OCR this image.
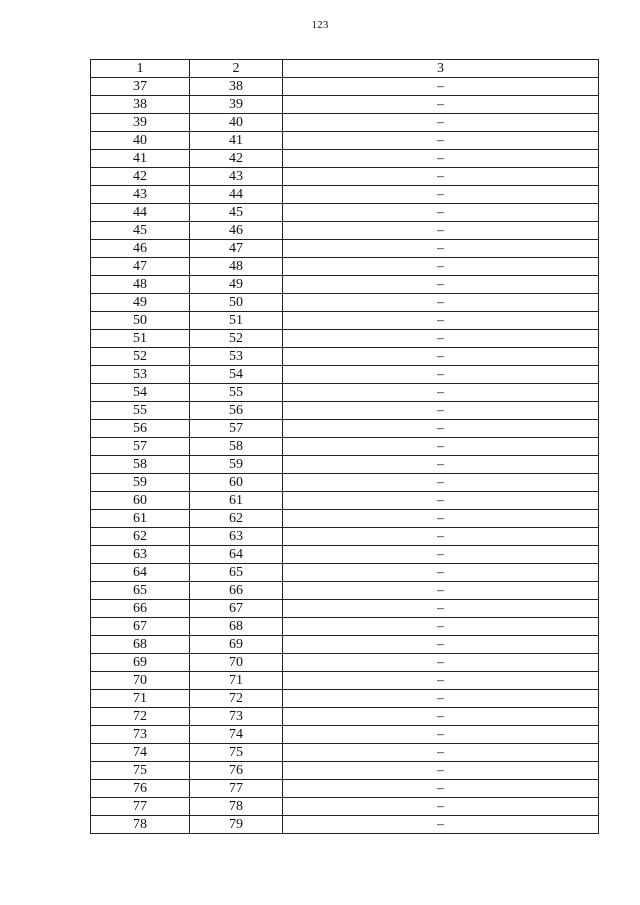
123
1	2	3
37	38	–
38	39	–
39	40	–
40	41	–
41	42	–
42	43	–
43	44	–
44	45	–
45	46	–
46	47	–
47	48	–
48	49	–
49	50	–
50	51	–
51	52	–
52	53	–
53	54	–
54	55	–
55	56	–
56	57	–
57	58	–
58	59	–
59	60	–
60	61	–
61	62	–
62	63	–
63	64	–
64	65	–
65	66	–
66	67	–
67	68	–
68	69	–
69	70	–
70	71	–
71	72	–
72	73	–
73	74	–
74	75	–
75	76	–
76	77	–
77	78	–
78	79	–
